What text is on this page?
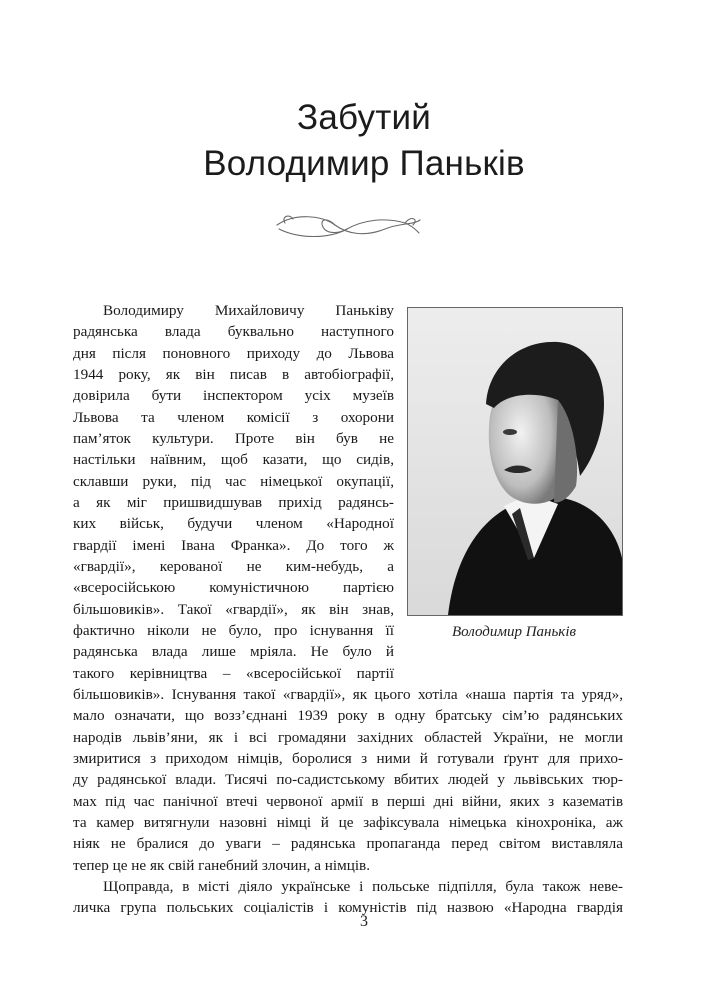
Забутий
Володимир Паньків
Володимир Паньків
Володимиру Михайловичу Паньківу
радянська влада буквально наступного
дня після поновного приходу до Львова
1944 року, як він писав в автобіографії,
довірила бути інспектором усіх музеїв
Львова та членом комісії з охорони
пам’яток культури. Проте він був не
настільки наївним, щоб казати, що сидів,
склавши руки, під час німецької окупації,
а як міг пришвидшував прихід радянсь-
ких військ, будучи членом «Народної
гвардії імені Івана Франка». До того ж
«гвардії», керованої не ким-небудь, а
«всеросійською комуністичною партією
більшовиків». Такої «гвардії», як він знав,
фактично ніколи не було, про існування її
радянська влада лише мріяла. Не було й
такого керівництва – «всеросійської партії
більшовиків». Існування такої «гвардії», як цього хотіла «наша партія та уряд»,
мало означати, що возз’єднані 1939 року в одну братську сім’ю радянських
народів львів’яни, як і всі громадяни західних областей України, не могли
змиритися з приходом німців, боролися з ними й готували ґрунт для прихо-
ду радянської влади. Тисячі по-садистському вбитих людей у львівських тюр-
мах під час панічної втечі червоної армії в перші дні війни, яких з казематів
та камер витягнули назовні німці й це зафіксувала німецька кінохроніка, аж
ніяк не бралися до уваги – радянська пропаганда перед світом виставляла
тепер це не як свій ганебний злочин, а німців.
Щоправда, в місті діяло українське і польське підпілля, була також неве-
личка група польських соціалістів і комуністів під назвою «Народна гвардія
3
